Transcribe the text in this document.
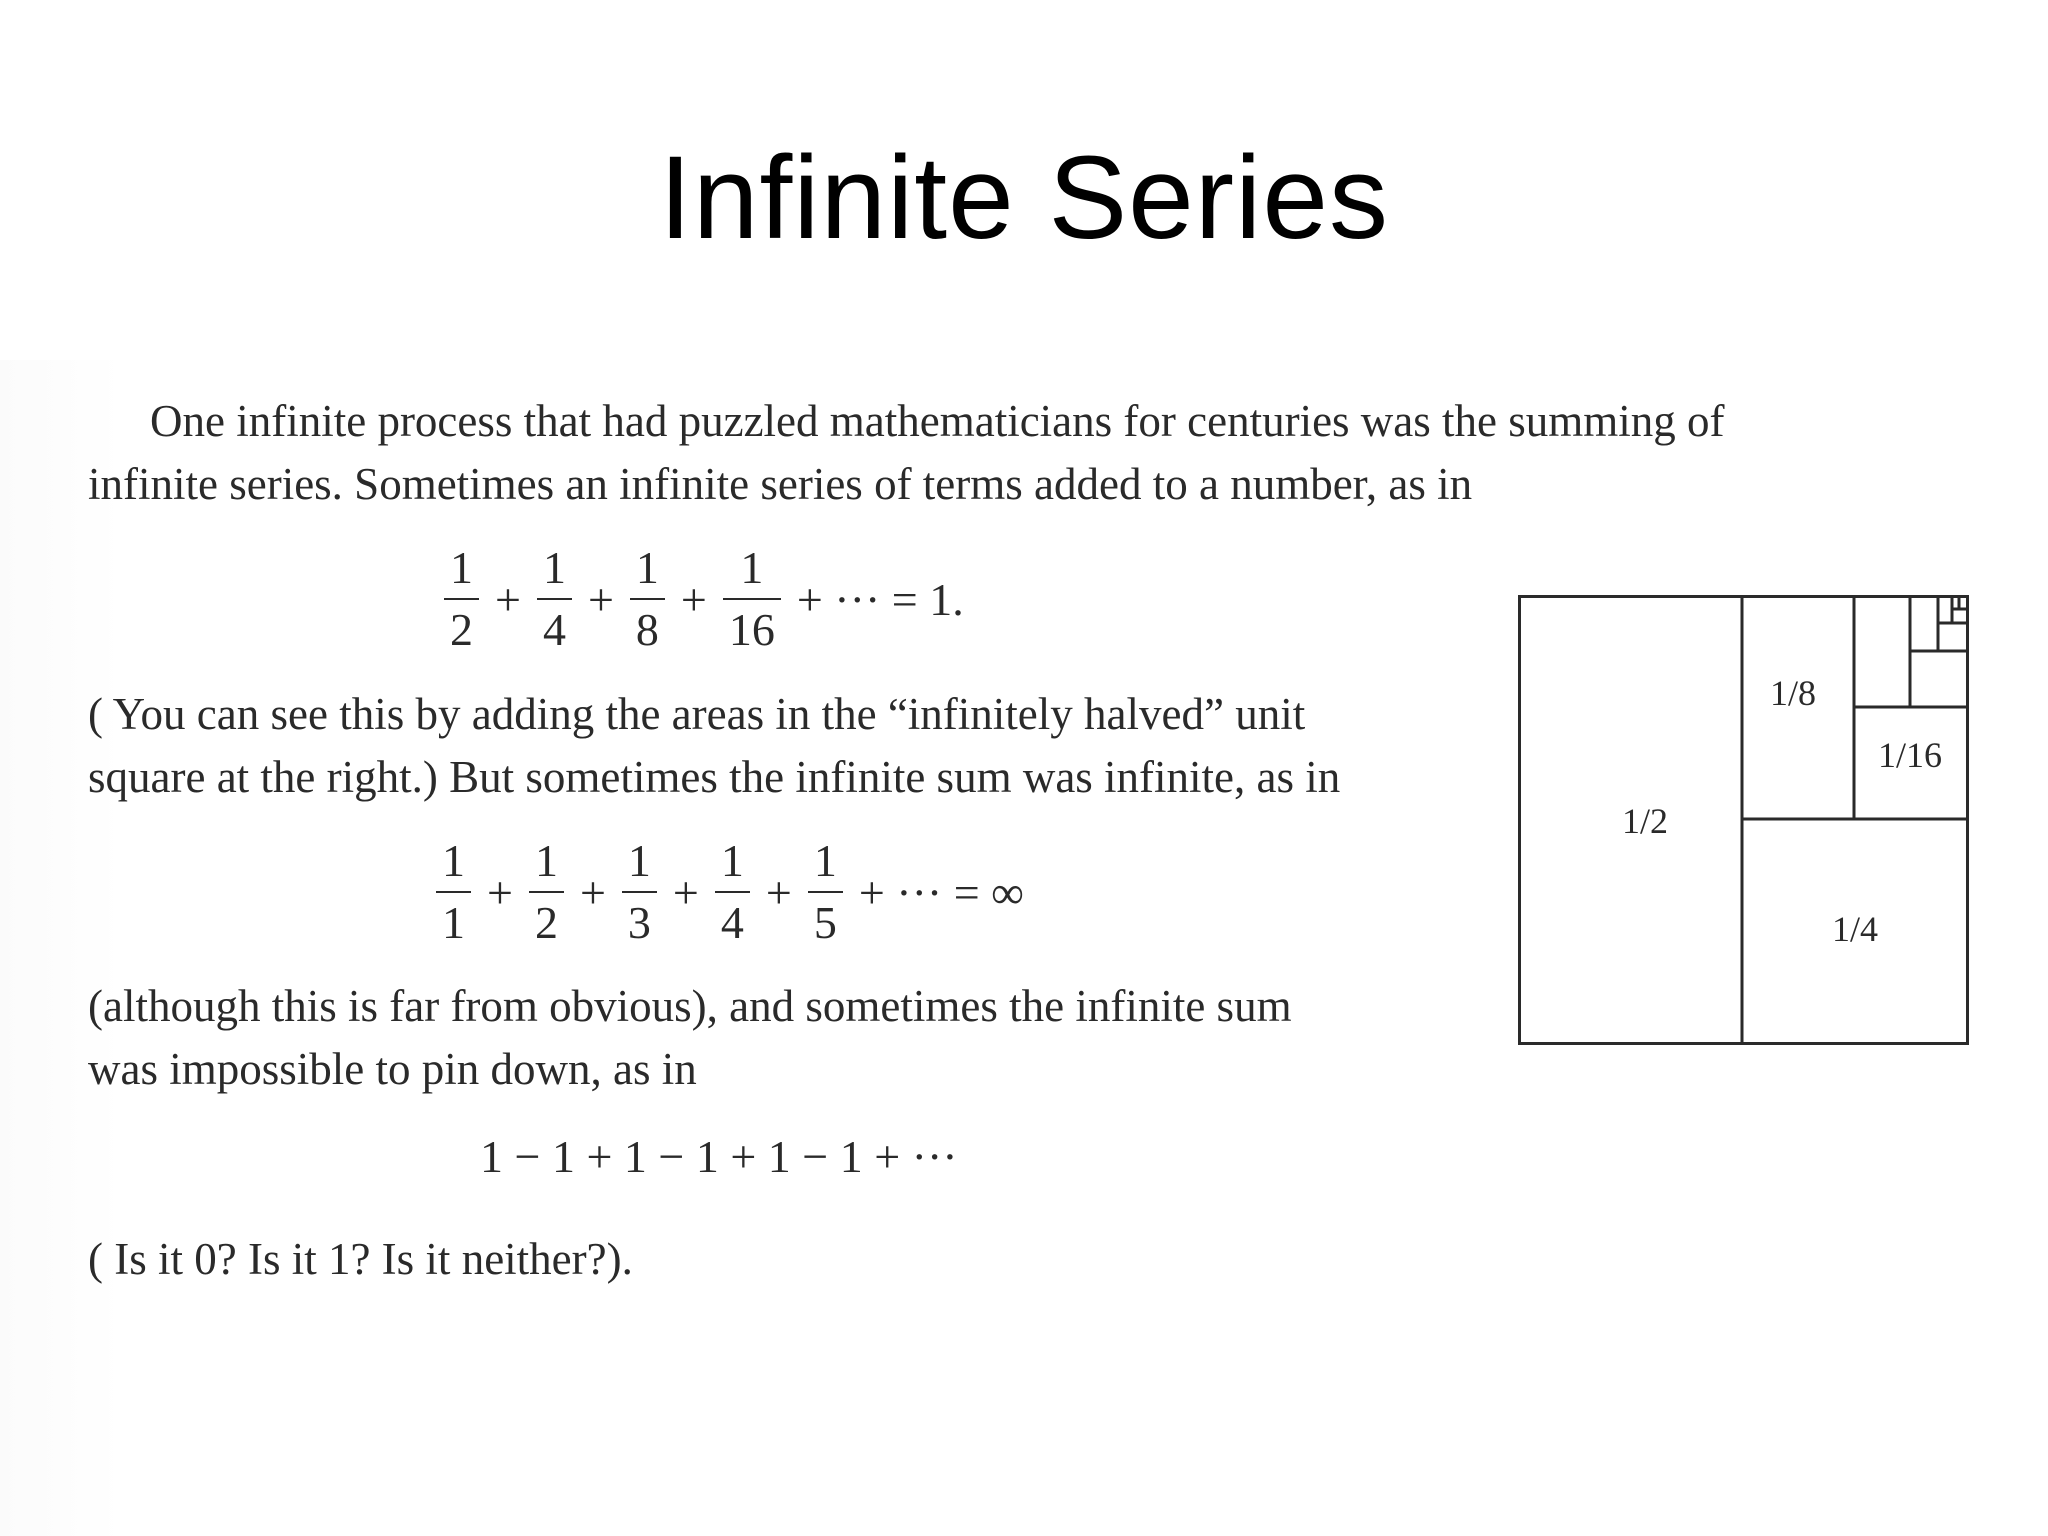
Infinite Series
One infinite process that had puzzled mathematicians for centuries was the summing of
infinite series. Sometimes an infinite series of terms added to a number, as in
$\frac{1}{2} + \frac{1}{4} + \frac{1}{8} + \frac{1}{16}$ + ··· = 1.
( You can see this by adding the areas in the “infinitely halved” unit
square at the right.) But sometimes the infinite sum was infinite, as in
$\frac{1}{1} + \frac{1}{2} + \frac{1}{3} + \frac{1}{4} + \frac{1}{5}$ + ··· = ∞
(although this is far from obvious), and sometimes the infinite sum
was impossible to pin down, as in
1 − 1 + 1 − 1 + 1 − 1 + ···
( Is it 0? Is it 1? Is it neither?).
1/2
1/4
1/8
1/16
